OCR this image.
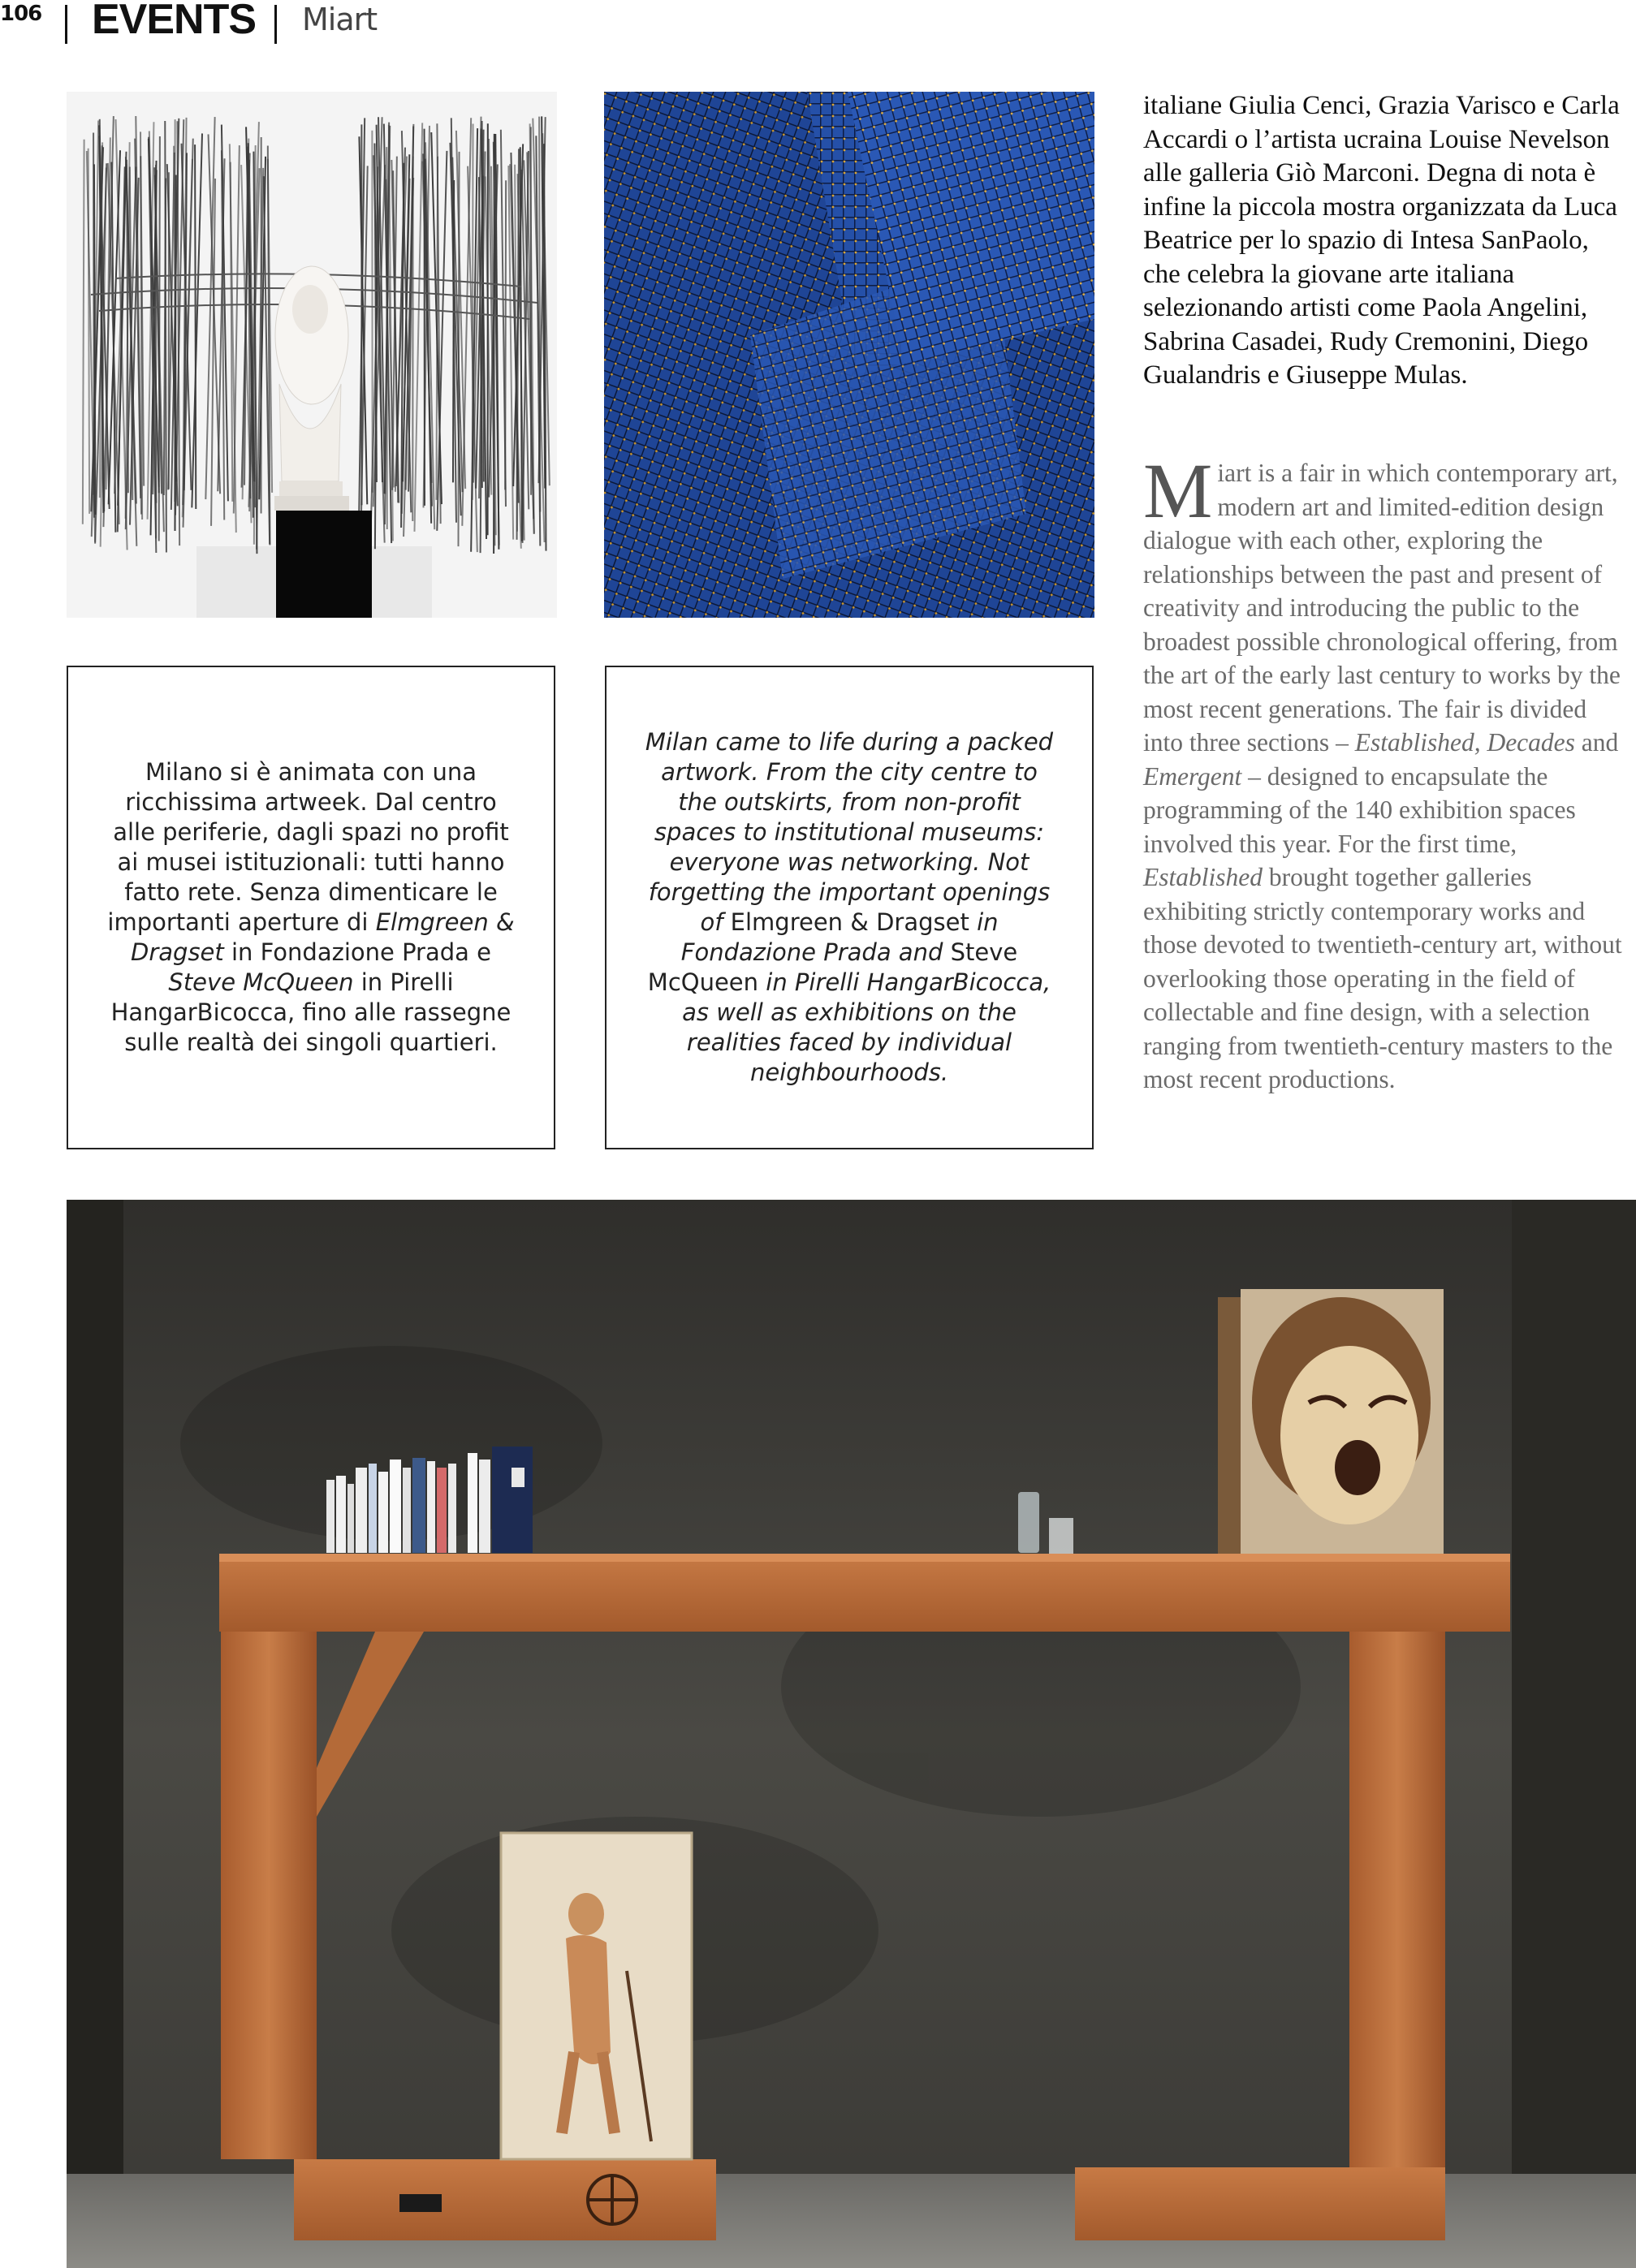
106 EVENTS Miart

Milano si è animata con una ricchissima artweek. Dal centro alle periferie, dagli spazi no profit ai musei istituzionali: tutti hanno fatto rete. Senza dimenticare le importanti aperture di Elmgreen & Dragset in Fondazione Prada e Steve McQueen in Pirelli HangarBicocca, fino alle rassegne sulle realtà dei singoli quartieri.

Milan came to life during a packed artwork. From the city centre to the outskirts, from non-profit spaces to institutional museums: everyone was networking. Not forgetting the important openings of Elmgreen & Dragset in Fondazione Prada and Steve McQueen in Pirelli HangarBicocca, as well as exhibitions on the realities faced by individual neighbourhoods.

italiane Giulia Cenci, Grazia Varisco e Carla Accardi o l’artista ucraina Louise Nevelson alle galleria Giò Marconi. Degna di nota è infine la piccola mostra organizzata da Luca Beatrice per lo spazio di Intesa SanPaolo, che celebra la giovane arte italiana selezionando artisti come Paola Angelini, Sabrina Casadei, Rudy Cremonini, Diego Gualandris e Giuseppe Mulas.

Miart is a fair in which contemporary art, modern art and limited-edition design dialogue with each other, exploring the relationships between the past and present of creativity and introducing the public to the broadest possible chronological offering, from the art of the early last century to works by the most recent generations. The fair is divided into three sections – Established, Decades and Emergent – designed to encapsulate the programming of the 140 exhibition spaces involved this year. For the first time, Established brought together galleries exhibiting strictly contemporary works and those devoted to twentieth-century art, without overlooking those operating in the field of collectable and fine design, with a selection ranging from twentieth-century masters to the most recent productions.
